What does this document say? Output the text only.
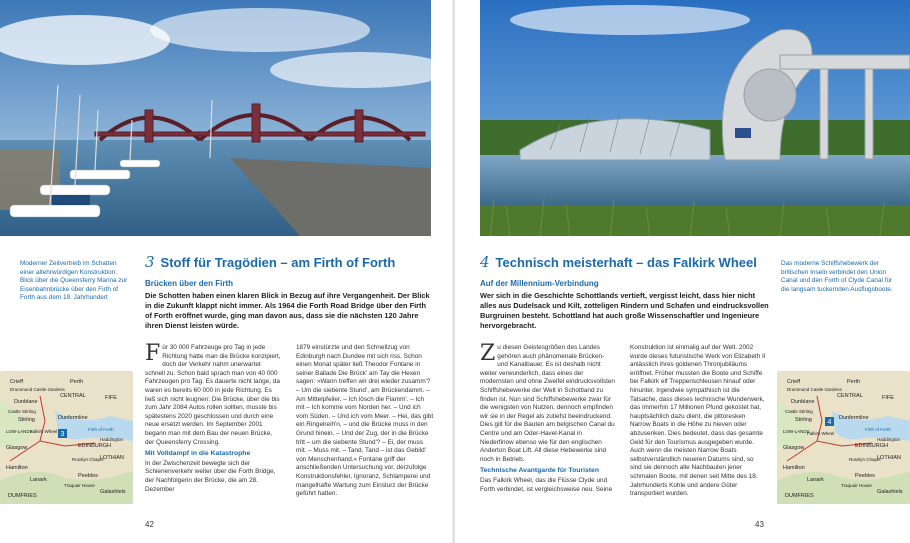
Moderner Zeitvertreib im Schatten einer altehrwürdigen Konstruktion: Blick über die Queensferry Marina zur Eisenbahnbrücke über den Firth of Forth aus dem 19. Jahrhundert
3 Stoff für Tragödien – am Firth of Forth
Brücken über den Firth
Die Schotten haben einen klaren Blick in Bezug auf ihre Vergangenheit. Der Blick in die Zukunft klappt nicht immer. Als 1964 die Forth Road Bridge über den Firth of Forth eröffnet wurde, ging man davon aus, dass sie die nächsten 120 Jahre ihren Dienst leisten würde.
3
Crieff	Perth
Drummond Castle Gardens
CENTRAL
Dunblane
FIFE
Castle Stirling
Stirling	Dunfermline
LOW-LANDS
Falkirk Wheel	Firth of Forth
EDINBURGH
Glasgow
LOTHIAN
Haddington
Rosslyn Chapel
Hamilton
Lanark
Peebles
Traquair House
Galashiels
DUMFRIES
F ür 30 000 Fahrzeuge pro Tag in jede Richtung hatte man die Brücke konzipiert, doch der Verkehr nahm unerwartet schnell zu. Schon bald sprach man von 40 000 Fahrzeugen pro Tag. Es dauerte nicht lange, da waren es bereits 60 000 in jede Richtung. Es ließ sich nicht leugnen: Die Brücke, über die bis zum Jahr 2084 Autos rollen sollten, musste bis spätestens 2020 geschlossen und durch eine neue ersetzt werden. Im September 2001 begann man mit dem Bau der neuen Brücke, der Queensferry Crossing.
Mit Volldampf in die Katastrophe

In der Zwischenzeit bewegte sich der Schienenverkehr weiter über die Forth Bridge, der Nachfolgerin der Brücke, die am 28. Dezember

1879 einstürzte und den Schnellzug von Edinburgh nach Dundee mit sich riss. Schon einen Monat später ließ Theodor Fontane in seiner Ballade Die Brück' am Tay die Hexen sagen: »Wann treffen wir drei wieder zusamm'? – Um die siebente Stund', am Brückendamm. – Am Mittelpfeiler. – Ich lösch die Flamm'. – Ich mit – Ich komme vom Norden her. – Und ich vom Süden. – Und ich vom Meer. – Hei, das gibt ein Ringelreih'n, – und die Brücke muss in den Grund hinein. – Und der Zug, der in die Brücke tritt – um die siebente Stund'? – Ei, der muss mit. – Muss mit. – Tand, Tand – ist das Gebild' von Menschenhand.« Fontane griff der anschließenden Untersuchung vor, derzufolge Konstruktionsfehler, Ignoranz, Schlamperei und mangelhafte Wartung zum Einsturz der Brücke geführt hatten.

42
4 Technisch meisterhaft – das Falkirk Wheel	Das moderne Schiffshebewerk der britischen Inseln verbindet den Union Canal und den Forth of Clyde Canal für die langsam tuckernden Ausflugsboote.
Auf der Millennium-Verbindung
Wer sich in die Geschichte Schottlands vertieft, vergisst leicht, dass hier nicht alles aus Dudelsack und Kilt, zotteligen Rindern und Schafen und eindrucksvollen Burgruinen besteht. Schottland hat auch große Wissenschaftler und Ingenieure hervorgebracht.
Z u diesen Geistesgrößen des Landes gehören auch phänomenale Brücken- und Kanalbauer. Es ist deshalb nicht weiter verwunderlich, dass eines der modernsten und ohne Zweifel eindrucksvollsten Schiffshebewerke der Welt in Schottland zu finden ist. Nun sind Schiffshebewerke zwar für die wenigsten von Nutzen, dennoch empfinden wir sie in der Regel als zutiefst beeindruckend. Dies gilt für die Bauten am belgischen Canal du Centre und am Oder-Havel-Kanal in Niederfinow ebenso wie für den englischen Anderton Boat Lift. All diese Hebewerke sind noch in Betrieb.
Technische Avantgarde für Touristen

Das Falkirk Wheel, das die Flüsse Clyde und Forth verbindet, ist vergleichsweise neu. Seine

Konstruktion ist einmalig auf der Welt. 2002 wurde dieses futuristische Werk von Elizabeth II anlässlich ihres goldenen Thronjubiläums eröffnet. Früher mussten die Boote und Schiffe bei Falkirk elf Treppenschleusen hinauf oder hinunter. Irgendwie sympathisch ist die Tatsache, dass dieses technische Wunderwerk, das immerhin 17 Millionen Pfund gekostet hat, hauptsächlich dazu dient, die pittoresken Narrow Boats in die Höhe zu hieven oder abzusenken. Dies bedeutet, dass das gesamte Geld für den Tourismus ausgegeben wurde. Auch wenn die meisten Narrow Boats selbstverständlich neueren Datums sind, so sind sie dennoch alle Nachbauten jener schmalen Boote, mit denen seit Mitte des 18. Jahrhunderts Kohle und andere Güter transportiert wurden.

4
Crieff	Perth
Drummond Castle Gardens
CENTRAL
Dunblane
FIFE
Castle Stirling
Stirling	Dunfermline
LOW-LANDS
Falkirk Wheel
Firth of Forth
EDINBURGH
Glasgow
LOTHIAN
Haddington
Rosslyn Chapel
Hamilton
Lanark
Peebles
Traquair House
Galashiels
DUMFRIES
43
